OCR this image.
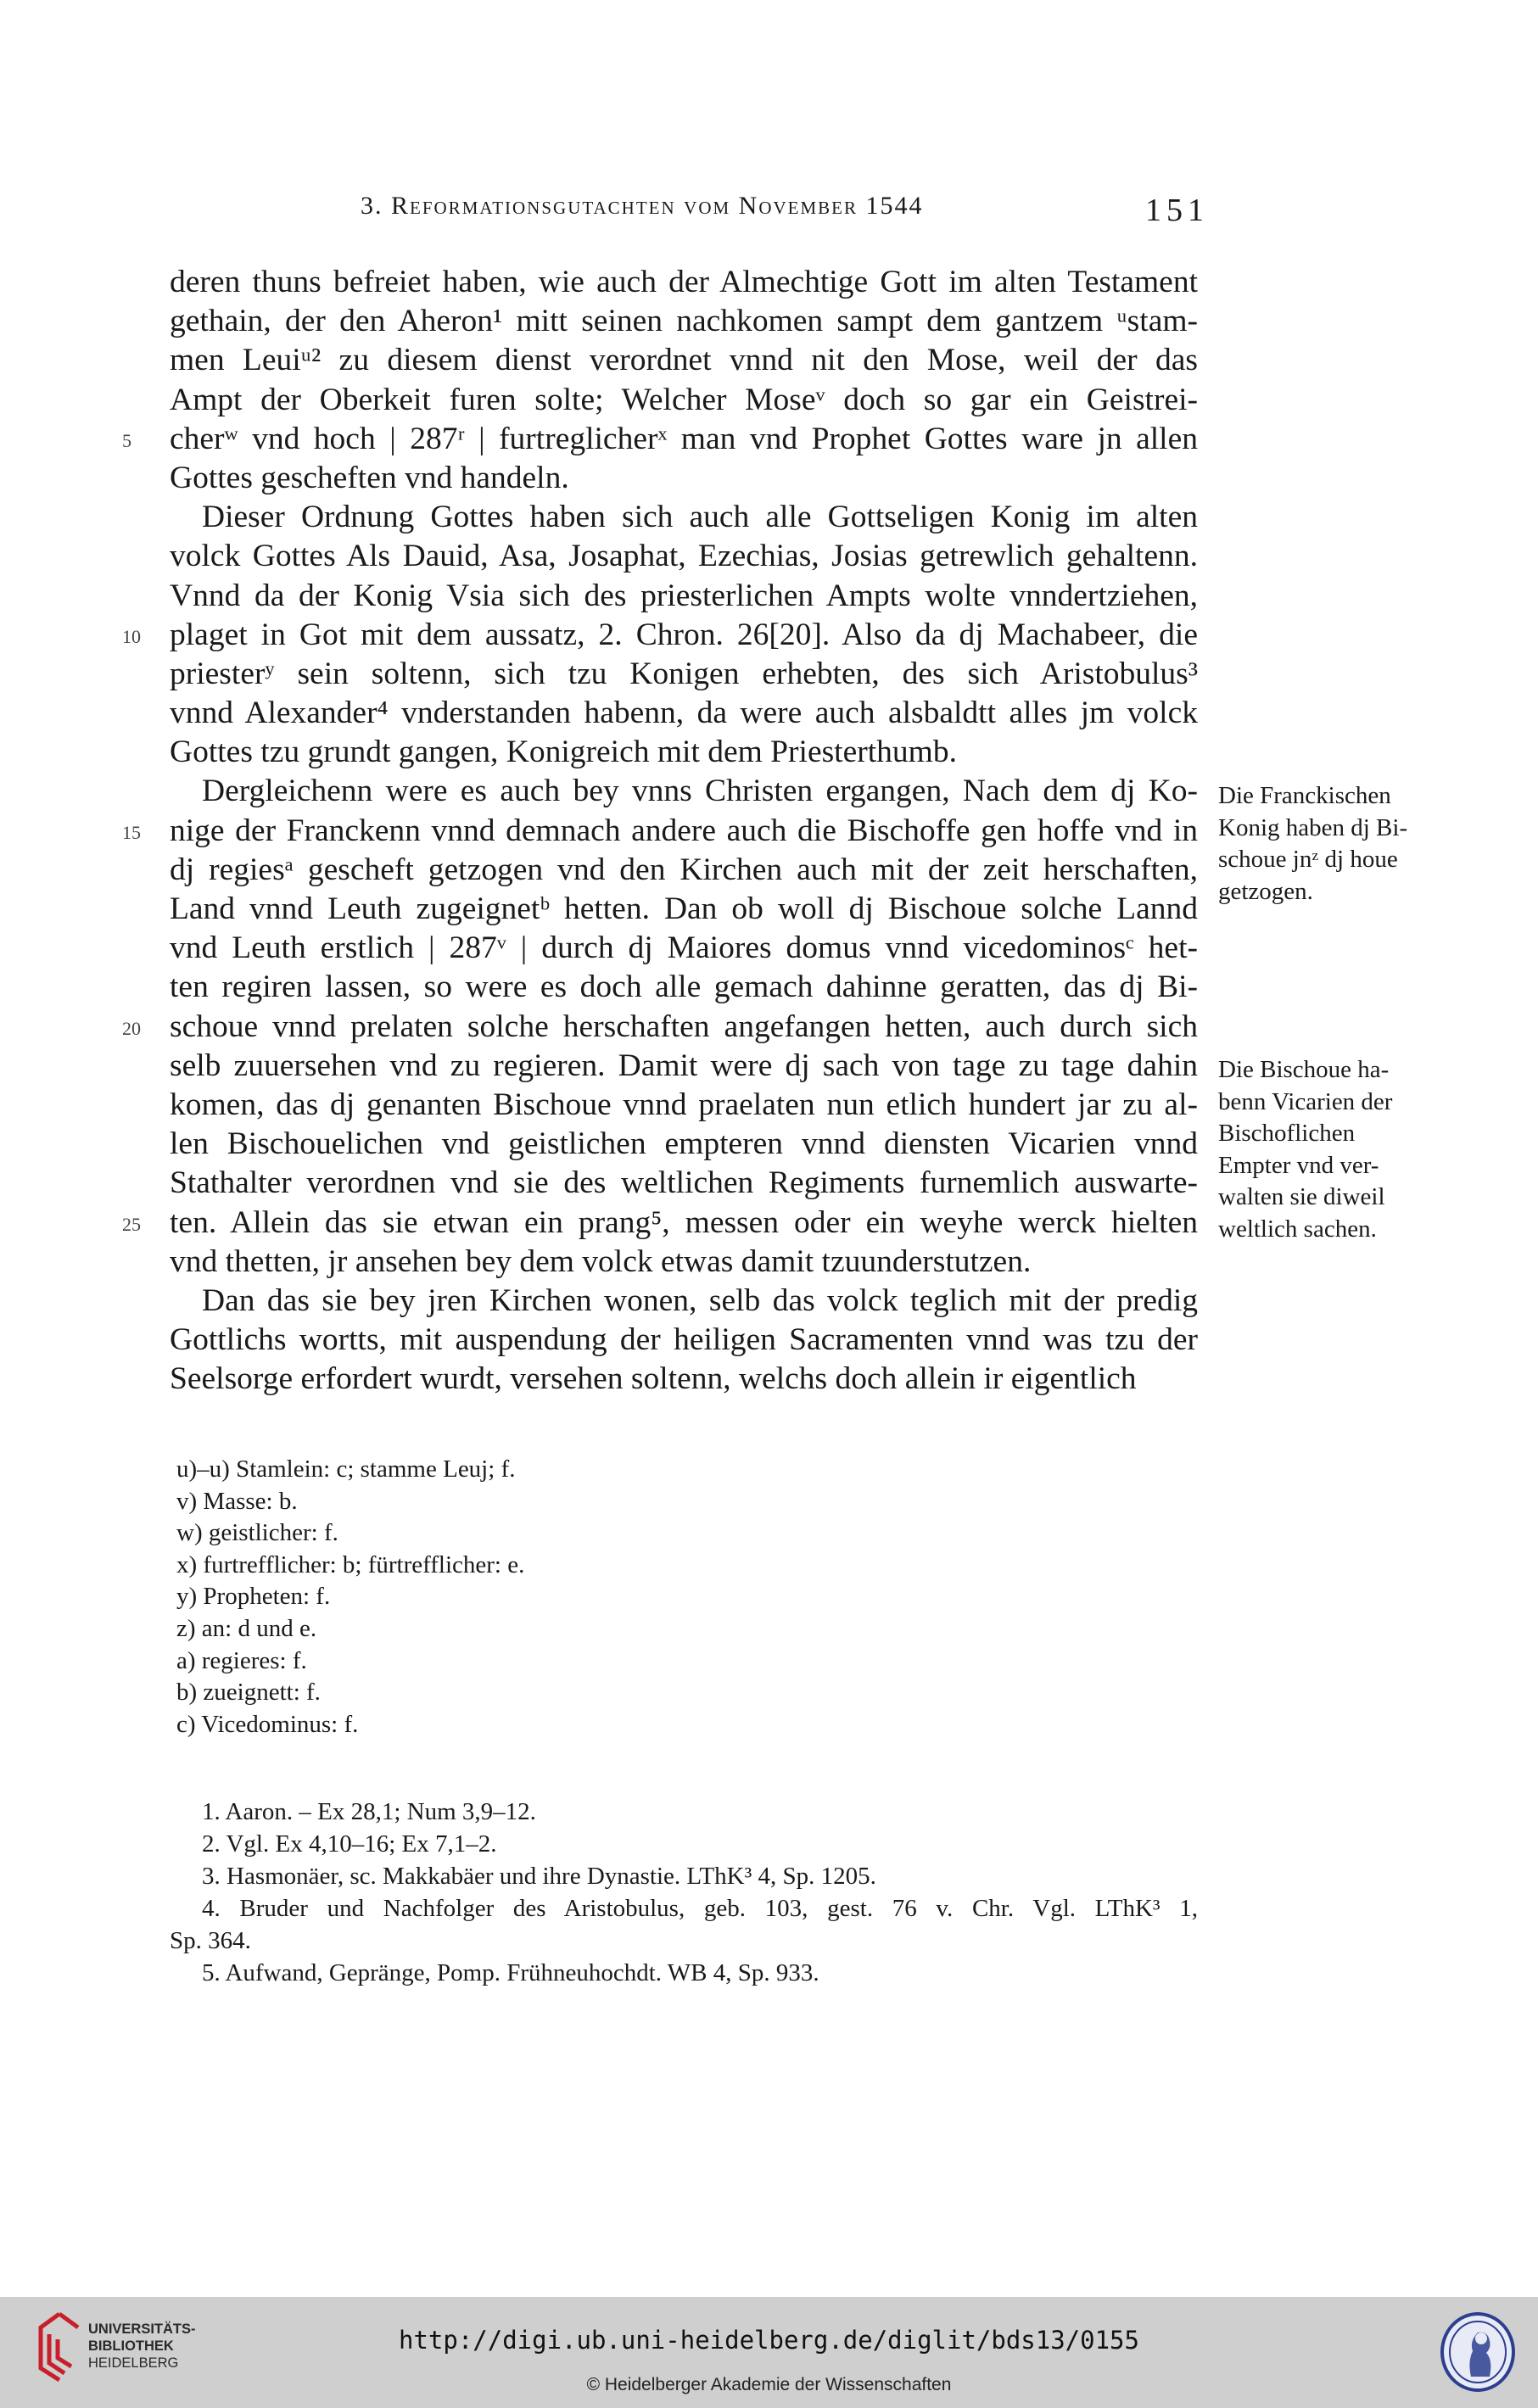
3. Reformationsgutachten vom November 1544	151
deren thuns befreiet haben, wie auch der Almechtige Gott im alten Testament
gethain, der den Aheron¹ mitt seinen nachkomen sampt dem gantzem ᵘstam-
men Leuiᵘ² zu diesem dienst verordnet vnnd nit den Mose, weil der das
Ampt der Oberkeit furen solte; Welcher Moseᵛ doch so gar ein Geistrei-
cherʷ vnd hoch | 287ʳ | furtreglicherˣ man vnd Prophet Gottes ware jn allen
5
Gottes gescheften vnd handeln.
Dieser Ordnung Gottes haben sich auch alle Gottseligen Konig im alten
volck Gottes Als Dauid, Asa, Josaphat, Ezechias, Josias getrewlich gehaltenn.
Vnnd da der Konig Vsia sich des priesterlichen Ampts wolte vnndertziehen,
plaget in Got mit dem aussatz, 2. Chron. 26[20]. Also da dj Machabeer, die
10
priesterʸ sein soltenn, sich tzu Konigen erhebten, des sich Aristobulus³
vnnd Alexander⁴ vnderstanden habenn, da were auch alsbaldtt alles jm volck
Gottes tzu grundt gangen, Konigreich mit dem Priesterthumb.
Dergleichenn were es auch bey vnns Christen ergangen, Nach dem dj Ko-
nige der Franckenn vnnd demnach andere auch die Bischoffe gen hoffe vnd in
15
dj regiesᵃ gescheft getzogen vnd den Kirchen auch mit der zeit herschaften,
Land vnnd Leuth zugeignetᵇ hetten. Dan ob woll dj Bischoue solche Lannd
vnd Leuth erstlich | 287ᵛ | durch dj Maiores domus vnnd vicedominosᶜ het-
ten regiren lassen, so were es doch alle gemach dahinne geratten, das dj Bi-
schoue vnnd prelaten solche herschaften angefangen hetten, auch durch sich
20
selb zuuersehen vnd zu regieren. Damit were dj sach von tage zu tage dahin
komen, das dj genanten Bischoue vnnd praelaten nun etlich hundert jar zu al-
len Bischouelichen vnd geistlichen empteren vnnd diensten Vicarien vnnd
Stathalter verordnen vnd sie des weltlichen Regiments furnemlich auswarte-
ten. Allein das sie etwan ein prang⁵, messen oder ein weyhe werck hielten
25
vnd thetten, jr ansehen bey dem volck etwas damit tzuunderstutzen.
Dan das sie bey jren Kirchen wonen, selb das volck teglich mit der predig
Gottlichs wortts, mit auspendung der heiligen Sacramenten vnnd was tzu der
Seelsorge erfordert wurdt, versehen soltenn, welchs doch allein ir eigentlich
Die Franckischen
Konig haben dj Bi-
schoue jnᶻ dj houe
getzogen.
Die Bischoue ha-
benn Vicarien der
Bischoflichen
Empter vnd ver-
walten sie diweil
weltlich sachen.
u)–u) Stamlein: c; stamme Leuj; f.
v) Masse: b.
w) geistlicher: f.
x) furtrefflicher: b; fürtrefflicher: e.
y) Propheten: f.
z) an: d und e.
a) regieres: f.
b) zueignett: f.
c) Vicedominus: f.
1. Aaron. – Ex 28,1; Num 3,9–12.
2. Vgl. Ex 4,10–16; Ex 7,1–2.
3. Hasmonäer, sc. Makkabäer und ihre Dynastie. LThK³ 4, Sp. 1205.
4. Bruder und Nachfolger des Aristobulus, geb. 103, gest. 76 v. Chr. Vgl. LThK³ 1,
Sp. 364.
5. Aufwand, Gepränge, Pomp. Frühneuhochdt. WB 4, Sp. 933.
UNIVERSITÄTS-
BIBLIOTHEK
HEIDELBERG
http://digi.ub.uni-heidelberg.de/diglit/bds13/0155
© Heidelberger Akademie der Wissenschaften
